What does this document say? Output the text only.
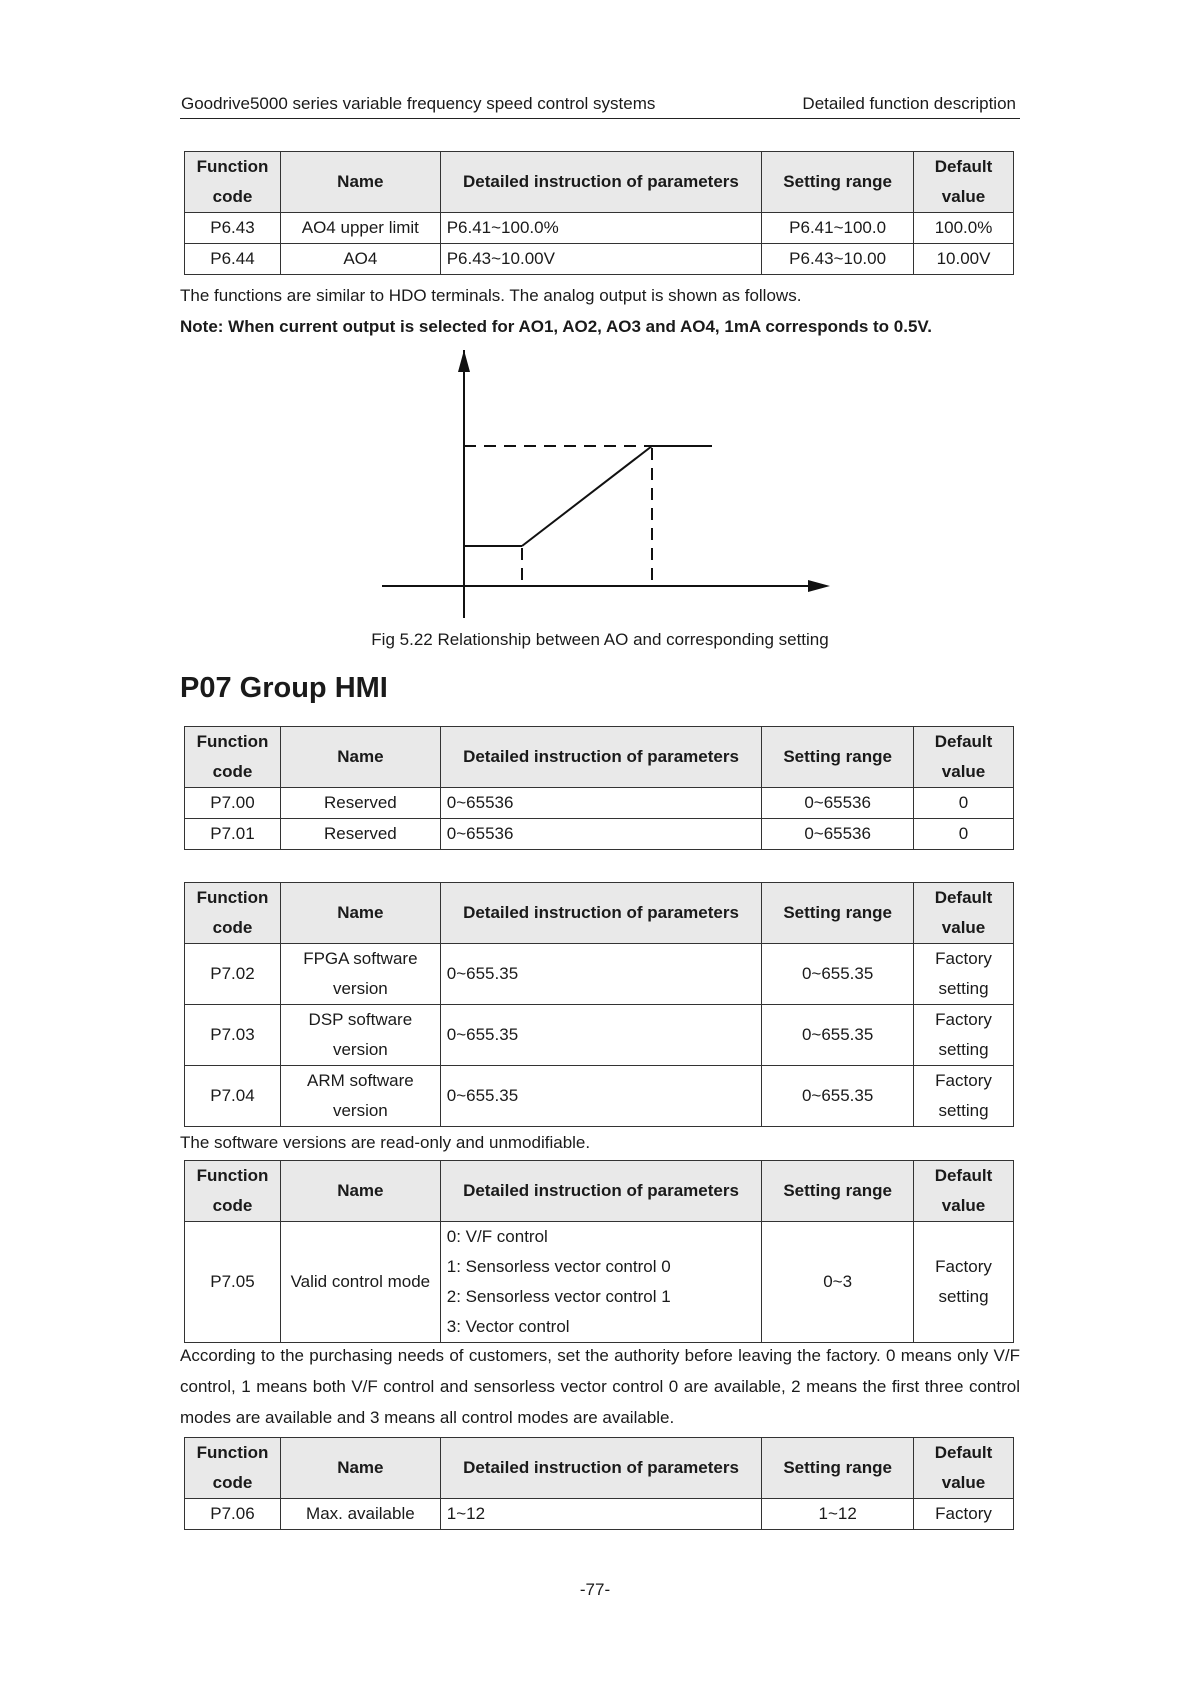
Goodrive5000 series variable frequency speed control systems	Detailed function description
Function code	Name	Detailed instruction of parameters	Setting range	Default value
P6.43	AO4 upper limit	P6.41~100.0%	P6.41~100.0	100.0%
P6.44	AO4	P6.43~10.00V	P6.43~10.00	10.00V
The functions are similar to HDO terminals. The analog output is shown as follows.
Note: When current output is selected for AO1, AO2, AO3 and AO4, 1mA corresponds to 0.5V.
Fig 5.22 Relationship between AO and corresponding setting
P07 Group HMI
Function code	Name	Detailed instruction of parameters	Setting range	Default value
P7.00	Reserved	0~65536	0~65536	0
P7.01	Reserved	0~65536	0~65536	0
Function code	Name	Detailed instruction of parameters	Setting range	Default value
P7.02	FPGA software version	0~655.35	0~655.35	Factory setting
P7.03	DSP software version	0~655.35	0~655.35	Factory setting
P7.04	ARM software version	0~655.35	0~655.35	Factory setting
The software versions are read-only and unmodifiable.
Function code	Name	Detailed instruction of parameters	Setting range	Default value
P7.05	Valid control mode	0: V/F control
1: Sensorless vector control 0
2: Sensorless vector control 1
3: Vector control	0~3	Factory setting
According to the purchasing needs of customers, set the authority before leaving the factory. 0 means only V/F control, 1 means both V/F control and sensorless vector control 0 are available, 2 means the first three control modes are available and 3 means all control modes are available.
Function code	Name	Detailed instruction of parameters	Setting range	Default value
P7.06	Max. available	1~12	1~12	Factory
-77-
